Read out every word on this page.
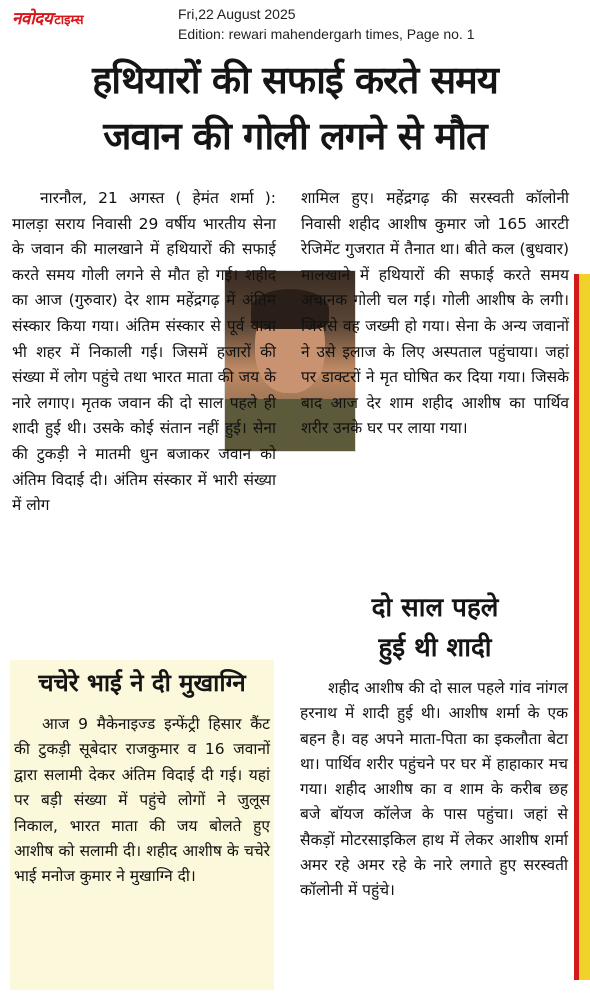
नवोदय टाइम्स	Fri,22 August 2025
Edition: rewari mahendergarh times, Page no. 1
हथियारों की सफाई करते समय
जवान की गोली लगने से मौत

नारनौल, 21 अगस्त ( हेमंत शर्मा ): मालड़ा सराय निवासी 29 वर्षीय भारतीय सेना के जवान की मालखाने में हथियारों की सफाई करते समय गोली लगने से मौत हो गई। शहीद का आज (गुरुवार) देर शाम महेंद्रगढ़ में अंतिम संस्कार किया गया। अंतिम संस्कार से पूर्व यात्रा भी शहर में निकाली गई। जिसमें हजारों की संख्या में लोग पहुंचे तथा भारत माता की जय के नारे लगाए। मृतक जवान की दो साल पहले ही शादी हुई थी। उसके कोई संतान नहीं हुई। सेना की टुकड़ी ने मातमी धुन बजाकर जवान को अंतिम विदाई दी। अंतिम संस्कार में भारी संख्या में लोग

शामिल हुए। महेंद्रगढ़ की सरस्वती कॉलोनी निवासी शहीद आशीष कुमार जो 165 आरटी रेजिमेंट गुजरात में तैनात था। बीते कल (बुधवार) मालखाने में हथियारों की सफाई करते समय अचानक गोली चल गई। गोली आशीष के लगी। जिससे वह जख्मी हो गया। सेना के अन्य जवानों ने उसे इलाज के लिए अस्पताल पहुंचाया। जहां पर डाक्टरों ने मृत घोषित कर दिया गया। जिसके बाद आज देर शाम शहीद आशीष का पार्थिव शरीर उनके घर पर लाया गया।

चचेरे भाई ने दी मुखाग्नि

आज 9 मैकेनाइज्ड इन्फेंट्री हिसार कैंट की टुकड़ी सूबेदार राजकुमार व 16 जवानों द्वारा सलामी देकर अंतिम विदाई दी गई। यहां पर बड़ी संख्या में पहुंचे लोगों ने जुलूस निकाल, भारत माता की जय बोलते हुए आशीष को सलामी दी। शहीद आशीष के चचेरे भाई मनोज कुमार ने मुखाग्नि दी।

दो साल पहले
हुई थी शादी

शहीद आशीष की दो साल पहले गांव नांगल हरनाथ में शादी हुई थी। आशीष शर्मा के एक बहन है। वह अपने माता-पिता का इकलौता बेटा था। पार्थिव शरीर पहुंचने पर घर में हाहाकार मच गया। शहीद आशीष का व शाम के करीब छह बजे बॉयज कॉलेज के पास पहुंचा। जहां से सैकड़ों मोटरसाइकिल हाथ में लेकर आशीष शर्मा अमर रहे अमर रहे के नारे लगाते हुए सरस्वती कॉलोनी में पहुंचे।
